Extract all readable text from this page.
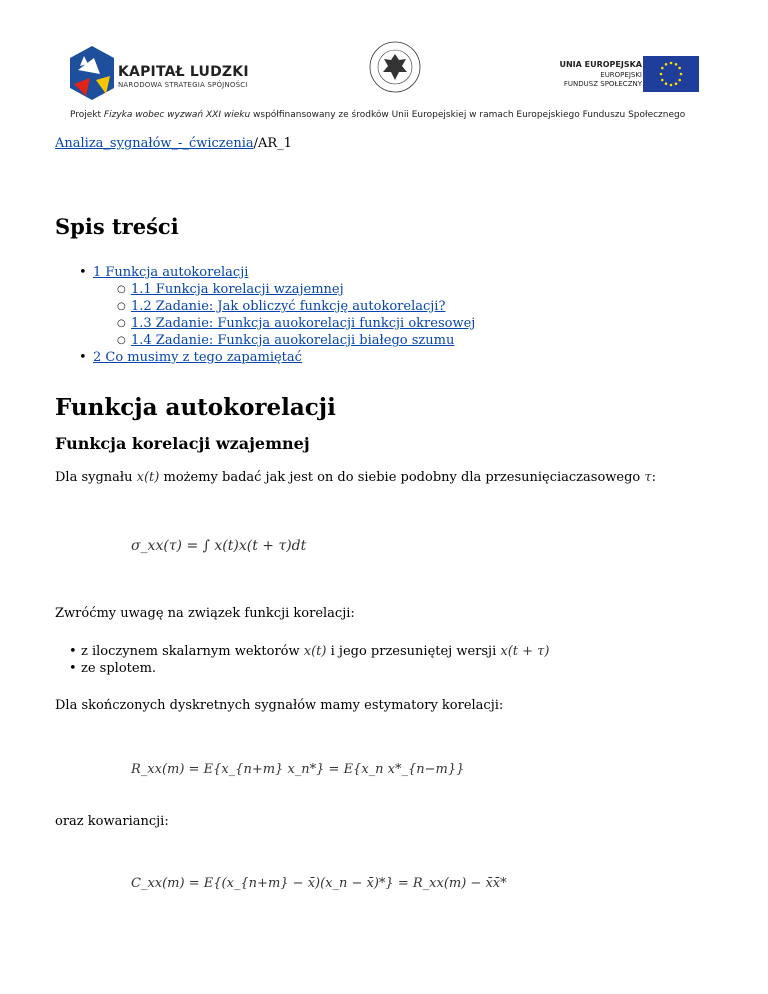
KAPITAŁ LUDZKI
NARODOWA STRATEGIA SPÓJNOŚCI
UNIA EUROPEJSKA
EUROPEJSKI
FUNDUSZ SPOŁECZNY
Projekt Fizyka wobec wyzwań XXI wieku współfinansowany ze środków Unii Europejskiej w ramach Europejskiego Funduszu Społecznego
Analiza_sygnałów_-_ćwiczenia/AR_1
Spis treści
• 1 Funkcja autokorelacji
○ 1.1 Funkcja korelacji wzajemnej
○ 1.2 Zadanie: Jak obliczyć funkcję autokorelacji?
○ 1.3 Zadanie: Funkcja auokorelacji funkcji okresowej
○ 1.4 Zadanie: Funkcja auokorelacji białego szumu
• 2 Co musimy z tego zapamiętać
Funkcja autokorelacji
Funkcja korelacji wzajemnej
Dla sygnału x(t) możemy badać jak jest on do siebie podobny dla przesunięciaczasowego τ:
σ_xx(τ) = ∫ x(t)x(t + τ)dt
Zwróćmy uwagę na związek funkcji korelacji:
• z iloczynem skalarnym wektorów x(t) i jego przesuniętej wersji x(t + τ)
• ze splotem.
Dla skończonych dyskretnych sygnałów mamy estymatory korelacji:
R_xx(m) = E{x_{n+m} x_n*} = E{x_n x*_{n−m}}
oraz kowariancji:
C_xx(m) = E{(x_{n+m} − x̄)(x_n − x̄)*} = R_xx(m) − x̄x̄*
